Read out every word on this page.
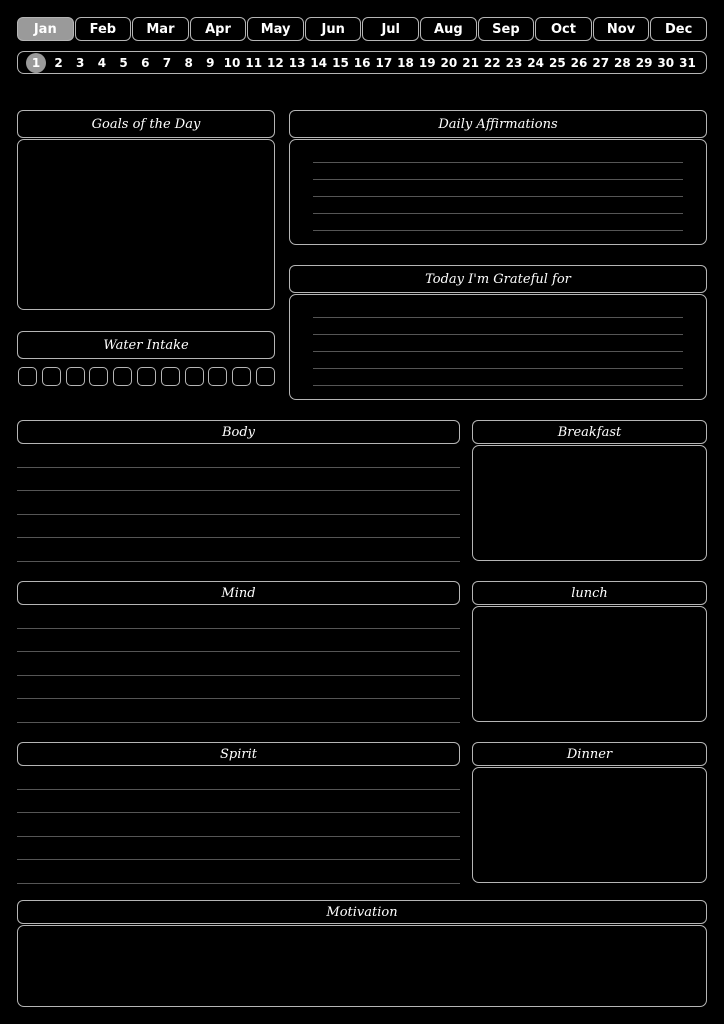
Jan	Feb	Mar	Apr	May	Jun	Jul	Aug	Sep	Oct	Nov	Dec
1	2	3	4	5	6	7	8	9 10 11 12 13 14 15 16 17 18 19 20 21 22 23 24 25 26 27 28 29 30 31
Goals of the Day	Daily Affirmations
Today I'm Grateful for
Water Intake
Body	Breakfast
Mind	lunch
Spirit	Dinner
Motivation
